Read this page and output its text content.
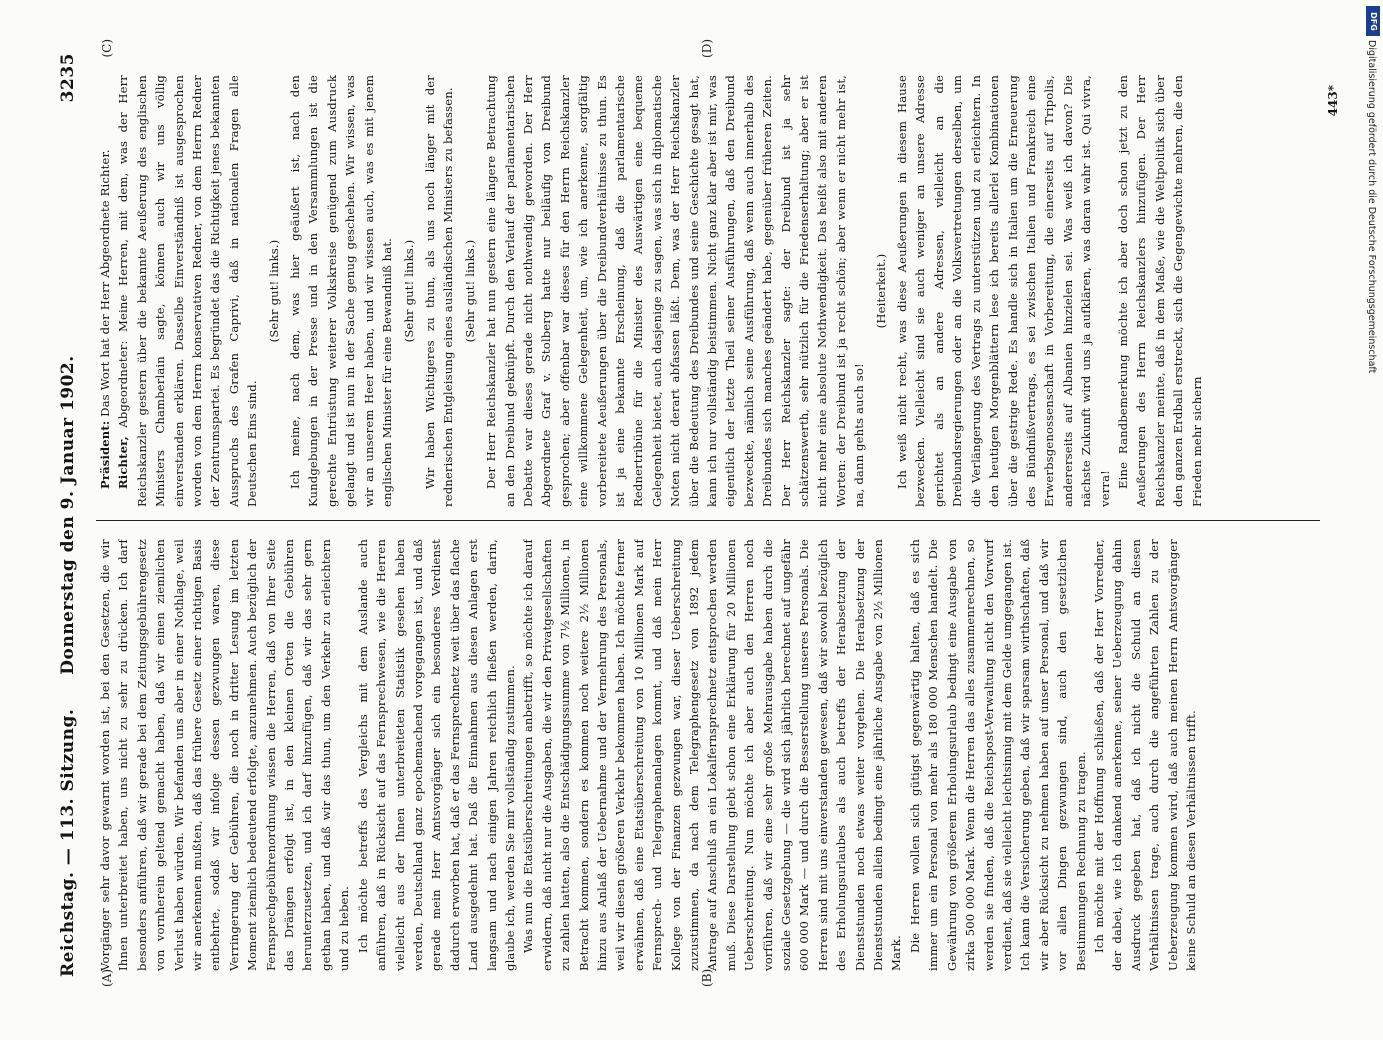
Reichstag. — 113. Sitzung.
Donnerstag den 9. Januar 1902.
3235
(A)	(B)
(C)	(D)

Vorgänger sehr davor gewarnt worden ist, bei den Gesetzen, die wir Ihnen unterbreitet haben, uns nicht zu sehr zu drücken. Ich darf besonders anführen, daß wir gerade bei dem Zeitungsgebührengesetz von vornherein geltend gemacht haben, daß wir einen ziemlichen Verlust haben würden. Wir befanden uns aber in einer Nothlage, weil wir anerkennen mußten, daß das frühere Gesetz einer richtigen Basis entbehrte, sodaß wir infolge dessen gezwungen waren, diese Verringerung der Gebühren, die noch in dritter Lesung im letzten Moment ziemlich bedeutend erfolgte, anzunehmen. Auch bezüglich der Fernsprechgebührenordnung wissen die Herren, daß von Ihrer Seite das Drängen erfolgt ist, in den kleinen Orten die Gebühren herunterzusetzen, und ich darf hinzufügen, daß wir das sehr gern gethan haben, und daß wir das thun, um den Verkehr zu erleichtern und zu heben. Ich möchte betreffs des Vergleichs mit dem Auslande auch anführen, daß in Rücksicht auf das Fernsprechwesen, wie die Herren vielleicht aus der Ihnen unterbreiteten Statistik gesehen haben werden, Deutschland ganz epochemachend vorgegangen ist, und daß gerade mein Herr Amtsvorgänger sich ein besonderes Verdienst dadurch erworben hat, daß er das Fernsprechnetz weit über das flache Land ausgedehnt hat. Daß die Einnahmen aus diesen Anlagen erst langsam und nach einigen Jahren reichlich fließen werden, darin, glaube ich, werden Sie mir vollständig zustimmen. Was nun die Etatsüberschreitungen anbetrifft, so möchte ich darauf erwidern, daß nicht nur die Ausgaben, die wir den Privatgesellschaften zu zahlen hatten, also die Entschädigungssumme von 7½ Millionen, in Betracht kommen, sondern es kommen noch weitere 2½ Millionen hinzu aus Anlaß der Uebernahme und der Vermehrung des Personals, weil wir diesen größeren Verkehr bekommen haben. Ich möchte ferner erwähnen, daß eine Etatsüberschreitung von 10 Millionen Mark auf Fernsprech- und Telegraphenanlagen kommt, und daß mein Herr Kollege von der Finanzen gezwungen war, dieser Ueberschreitung zuzustimmen, da nach dem Telegraphengesetz von 1892 jedem Antrage auf Anschluß an ein Lokalfernsprechnetz entsprochen werden muß. Diese Darstellung giebt schon eine Erklärung für 20 Millionen Ueberschreitung. Nun möchte ich aber auch den Herren noch vorführen, daß wir eine sehr große Mehrausgabe haben durch die soziale Gesetzgebung — die wird sich jährlich berechnet auf ungefähr 600 000 Mark — und durch die Besserstellung unseres Personals. Die Herren sind mit uns einverstanden gewesen, daß wir sowohl bezüglich des Erholungsurlaubes als auch betreffs der Herabsetzung der Dienststunden noch etwas weiter vorgehen. Die Herabsetzung der Dienststunden allein bedingt eine jährliche Ausgabe von 2½ Millionen Mark.

Die Herren wollen sich gütigst gegenwärtig halten, daß es sich immer um ein Personal von mehr als 180 000 Menschen handelt. Die Gewährung von größerem Erholungsurlaub bedingt eine Ausgabe von zirka 500 000 Mark. Wenn die Herren das alles zusammenrechnen, so werden sie finden, daß die Reichspost-Verwaltung nicht den Vorwurf verdient, daß sie vielleicht leichtsinnig mit dem Gelde umgegangen ist. Ich kann die Versicherung geben, daß wir sparsam wirthschaften, daß wir aber Rücksicht zu nehmen haben auf unser Personal, und daß wir vor allen Dingen gezwungen sind, auch den gesetzlichen Bestimmungen Rechnung zu tragen. Ich möchte mit der Hoffnung schließen, daß der Herr Vorredner, der dabei, wie ich dankend anerkenne, seiner Ueberzeugung dahin Ausdruck gegeben hat, daß ich nicht die Schuld an diesen Verhältnissen trage, auch durch die angeführten Zahlen zu der Ueberzeugung kommen wird, daß auch meinen Herrn Amtsvorgänger keine Schuld an diesen Verhältnissen trifft.

Präsident: Das Wort hat der Herr Abgeordnete Richter.

Richter, Abgeordneter: Meine Herren, mit dem, was der Herr Reichskanzler gestern über die bekannte Aeußerung des englischen Ministers Chamberlain sagte, können auch wir uns völlig einverstanden erklären. Dasselbe Einverständniß ist ausgesprochen worden von dem Herrn konservativen Redner, von dem Herrn Redner der Zentrumspartei. Es begründet das die Richtigkeit jenes bekannten Ausspruchs des Grafen Caprivi, daß in nationalen Fragen alle Deutschen Eins sind.

(Sehr gut! links.) Ich meine, nach dem, was hier geäußert ist, nach den Kundgebungen in der Presse und in den Versammlungen ist die gerechte Entrüstung weiterer Volkskreise genügend zum Ausdruck gelangt und ist nun in der Sache genug geschehen. Wir wissen, was wir an unserem Heer haben, und wir wissen auch, was es mit jenem englischen Minister für eine Bewandniß hat. (Sehr gut! links.) Wir haben Wichtigeres zu thun, als uns noch länger mit der rednerischen Entgleisung eines ausländischen Ministers zu befassen. (Sehr gut! links.) Der Herr Reichskanzler hat nun gestern eine längere Betrachtung an den Dreibund geknüpft. Durch den Verlauf der parlamentarischen Debatte war dieses gerade nicht nothwendig geworden. Der Herr Abgeordnete Graf v. Stolberg hatte nur beiläufig von Dreibund gesprochen; aber offenbar war dieses für den Herrn Reichskanzler eine willkommene Gelegenheit, um, wie ich anerkenne, sorgfältig vorbereitete Aeußerungen über die Dreibundverhältnisse zu thun. Es ist ja eine bekannte Erscheinung, daß die parlamentarische Rednertribüne für die Minister des Auswärtigen eine bequeme Gelegenheit bietet, auch dasjenige zu sagen, was sich in diplomatische Noten nicht derart abfassen läßt. Dem, was der Herr Reichskanzler über die Bedeutung des Dreibundes und seine Geschichte gesagt hat, kann ich nur vollständig beistimmen. Nicht ganz klar aber ist mir, was eigentlich der letzte Theil seiner Ausführungen, daß den Dreibund bezweckte, nämlich seine Ausführung, daß wenn auch innerhalb des Dreibundes sich manches geändert habe, gegenüber früheren Zeiten. Der Herr Reichskanzler sagte: der Dreibund ist ja sehr schätzenswerth, sehr nützlich für die Friedenserhaltung; aber er ist nicht mehr eine absolute Nothwendigkeit. Das heißt also mit anderen Worten: der Dreibund ist ja recht schön; aber wenn er nicht mehr ist, na, dann gehts auch so!

(Heiterkeit.) Ich weiß nicht recht, was diese Aeußerungen in diesem Hause bezwecken. Vielleicht sind sie auch weniger an unsere Adresse gerichtet als an andere Adressen, vielleicht an die Dreibundsregierungen oder an die Volksvertretungen derselben, um die Verlängerung des Vertrags zu unterstützen und zu erleichtern. In den heutigen Morgenblättern lese ich bereits allerlei Kombinationen über die gestrige Rede. Es handle sich in Italien um die Erneuerung des Bündnißvertrags, es sei zwischen Italien und Frankreich eine Erwerbsgenossenschaft in Vorbereitung, die einerseits auf Tripolis, andererseits auf Albanien hinzielen sei. Was weiß ich davon? Die nächste Zukunft wird uns ja aufklären, was daran wahr ist. Qui vivra, verra! Eine Randbemerkung möchte ich aber doch schon jetzt zu den Aeußerungen des Herrn Reichskanzlers hinzufügen. Der Herr Reichskanzler meinte, daß in dem Maße, wie die Weltpolitik sich über den ganzen Erdball erstreckt, sich die Gegengewichte mehren, die den Frieden mehr sichern

443*
DFG
Digitalisierung gefördert durch die Deutsche Forschungsgemeinschaft
